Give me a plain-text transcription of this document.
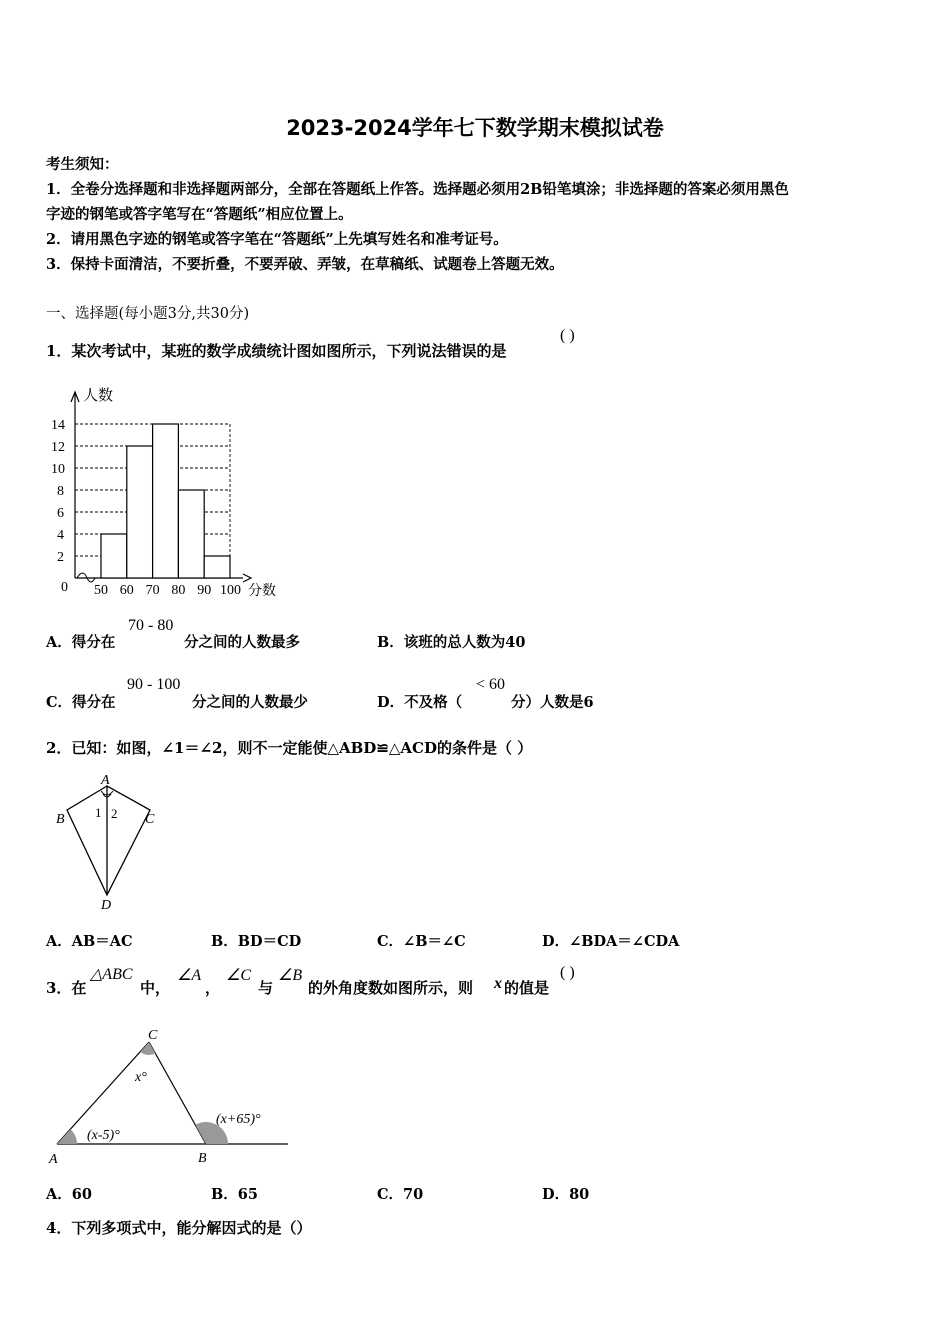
2023-2024学年七下数学期末模拟试卷
考生须知：
1．全卷分选择题和非选择题两部分，全部在答题纸上作答。选择题必须用2B铅笔填涂；非选择题的答案必须用黑色
字迹的钢笔或答字笔写在“答题纸”相应位置上。
2．请用黑色字迹的钢笔或答字笔在“答题纸”上先填写姓名和准考证号。
3．保持卡面清洁，不要折叠，不要弄破、弄皱，在草稿纸、试题卷上答题无效。
一、选择题(每小题3分,共30分)
1．某次考试中，某班的数学成绩统计图如图所示，下列说法错误的是
( )
2
4
6
8
10
12
14
50 60 70 80 90 100
人数
分数
0
A．得分在
70 - 80
分之间的人数最多	B．该班的总人数为40
C．得分在
90 - 100
分之间的人数最少	D．不及格（
< 60
分）人数是6
2．已知：如图，∠1＝∠2，则不一定能使△ABD≌△ACD的条件是（ ）
A
B	C
D
1 2
A．AB＝AC	B．BD＝CD	C．∠B＝∠C	D．∠BDA＝∠CDA
3．在
△ABC
中，
∠A
，
∠C
与
∠B
的外角度数如图所示，则 x 的值是
( )
A	B
C
x°
(x-5)°
(x+65)°
A．60	B．65	C．70	D．80
4．下列多项式中，能分解因式的是（）
